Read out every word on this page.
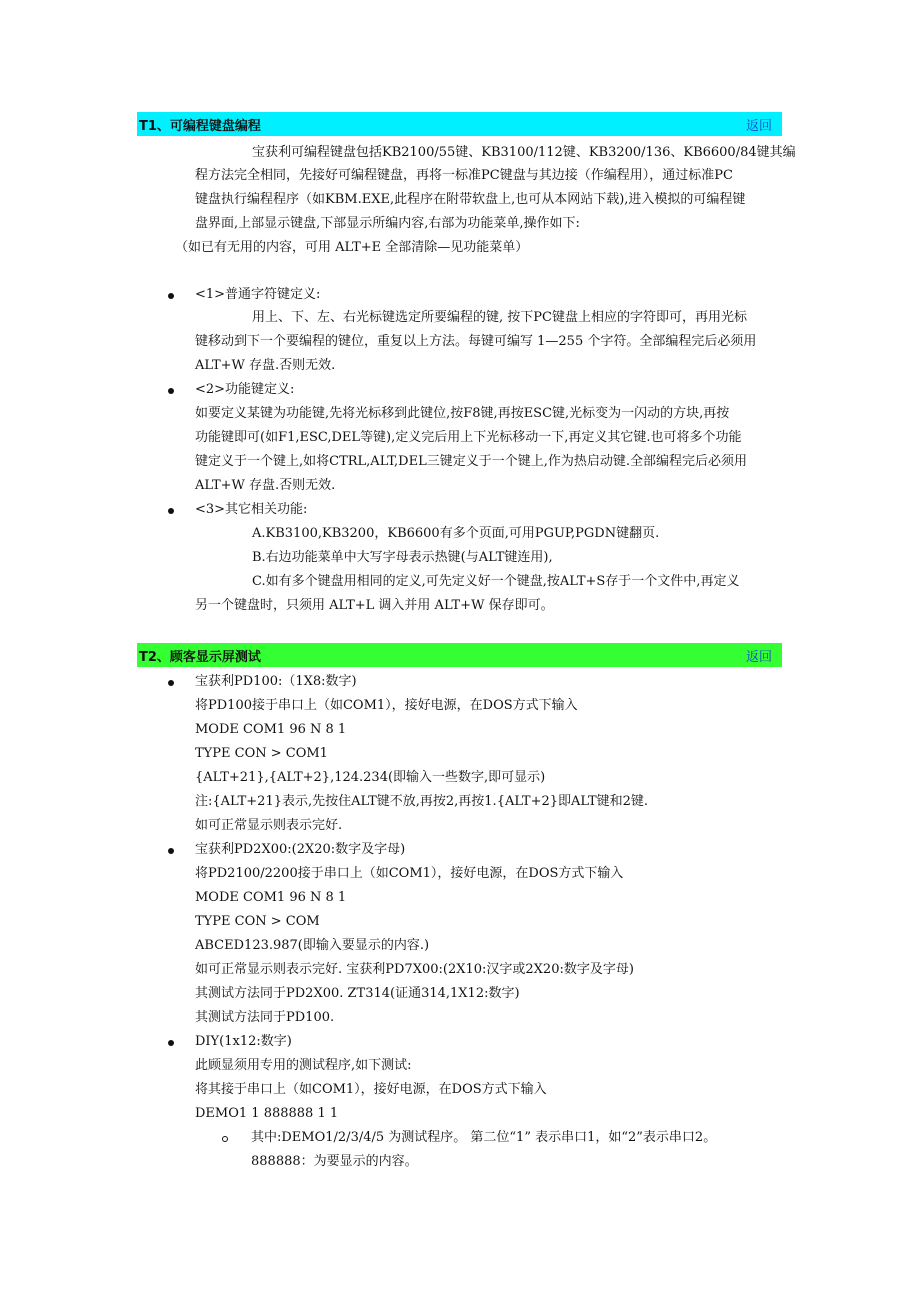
T1、可编程键盘编程	返回
宝获利可编程键盘包括KB2100/55键、KB3100/112键、KB3200/136、KB6600/84键其编
程方法完全相同，先接好可编程键盘，再将一标准PC键盘与其边接（作编程用），通过标准PC
键盘执行编程程序（如KBM.EXE,此程序在附带软盘上,也可从本网站下载),进入模拟的可编程键
盘界面,上部显示键盘,下部显示所编内容,右部为功能菜单,操作如下:
（如已有无用的内容，可用 ALT+E 全部清除—见功能菜单）
<1>普通字符键定义:
用上、下、左、右光标键选定所要编程的键, 按下PC键盘上相应的字符即可，再用光标
键移动到下一个要编程的键位，重复以上方法。每键可编写 1—255 个字符。全部编程完后必须用
ALT+W 存盘.否则无效.
<2>功能键定义:
如要定义某键为功能键,先将光标移到此键位,按F8键,再按ESC键,光标变为一闪动的方块,再按
功能键即可(如F1,ESC,DEL等键),定义完后用上下光标移动一下,再定义其它键.也可将多个功能
键定义于一个键上,如将CTRL,ALT,DEL三键定义于一个键上,作为热启动键.全部编程完后必须用
ALT+W 存盘.否则无效.
<3>其它相关功能:
A.KB3100,KB3200，KB6600有多个页面,可用PGUP,PGDN键翻页.
B.右边功能菜单中大写字母表示热键(与ALT键连用),
C.如有多个键盘用相同的定义,可先定义好一个键盘,按ALT+S存于一个文件中,再定义
另一个键盘时，只须用 ALT+L 调入并用 ALT+W 保存即可。
T2、顾客显示屏测试	返回
宝获利PD100:（1X8:数字)
将PD100接于串口上（如COM1），接好电源，在DOS方式下输入
MODE COM1 96 N 8 1
TYPE CON > COM1
{ALT+21},{ALT+2},124.234(即输入一些数字,即可显示)
注:{ALT+21}表示,先按住ALT键不放,再按2,再按1.{ALT+2}即ALT键和2键.
如可正常显示则表示完好.
宝获利PD2X00:(2X20:数字及字母)
将PD2100/2200接于串口上（如COM1），接好电源，在DOS方式下输入
MODE COM1 96 N 8 1
TYPE CON > COM
ABCED123.987(即输入要显示的内容.)
如可正常显示则表示完好. 宝获利PD7X00:(2X10:汉字或2X20:数字及字母)
其测试方法同于PD2X00. ZT314(证通314,1X12:数字)
其测试方法同于PD100.
DIY(1x12:数字)
此顾显须用专用的测试程序,如下测试:
将其接于串口上（如COM1），接好电源，在DOS方式下输入
DEMO1 1 888888 1 1
其中:DEMO1/2/3/4/5 为测试程序。 第二位“1” 表示串口1，如“2”表示串口2。
888888：为要显示的内容。
